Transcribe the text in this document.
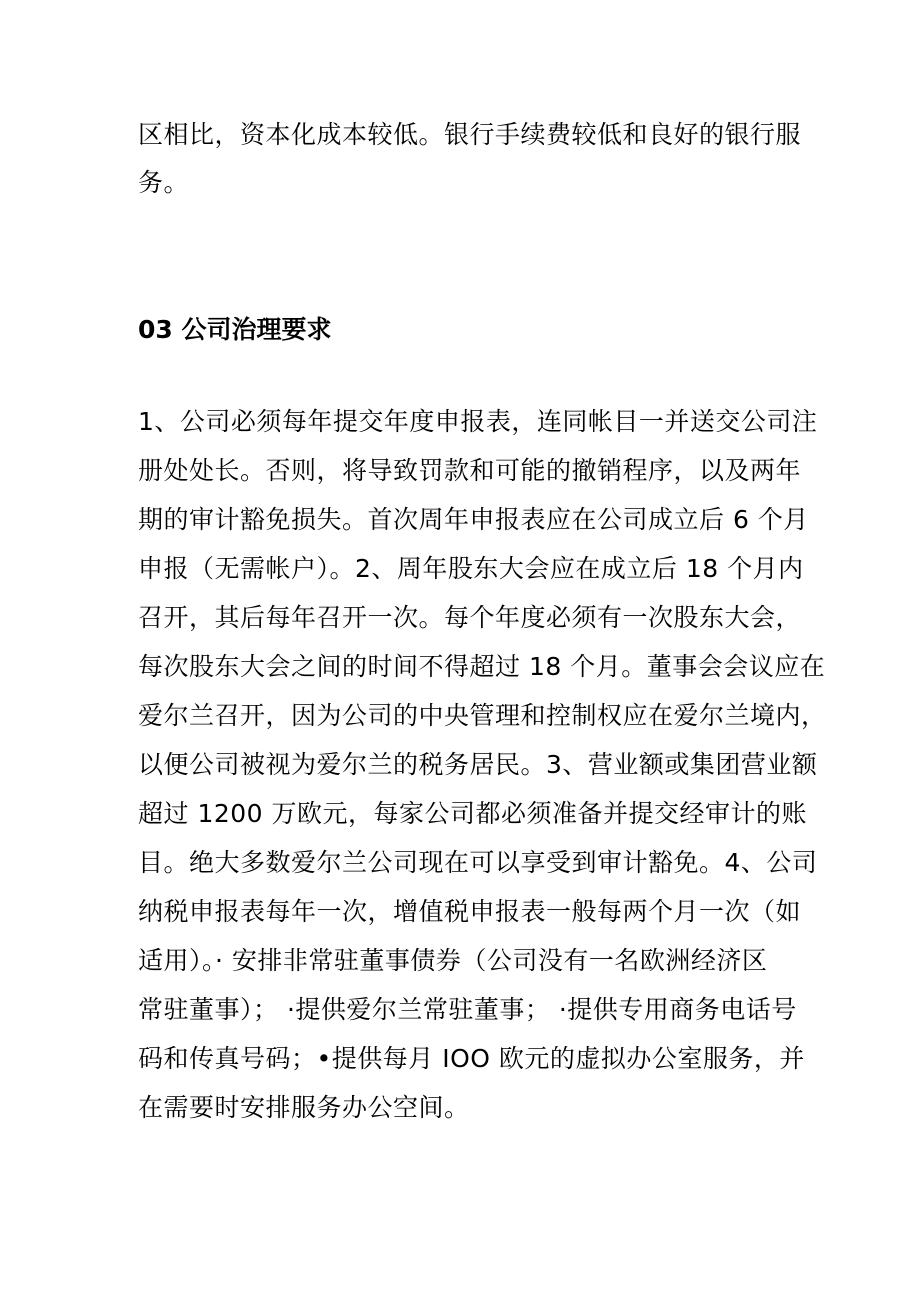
区相比，资本化成本较低。银行手续费较低和良好的银行服
务。
03 公司治理要求
1、公司必须每年提交年度申报表，连同帐目一并送交公司注
册处处长。否则，将导致罚款和可能的撤销程序，以及两年
期的审计豁免损失。首次周年申报表应在公司成立后 6 个月
申报（无需帐户）。2、周年股东大会应在成立后 18 个月内
召开，其后每年召开一次。每个年度必须有一次股东大会，
每次股东大会之间的时间不得超过 18 个月。董事会会议应在
爱尔兰召开，因为公司的中央管理和控制权应在爱尔兰境内，
以便公司被视为爱尔兰的税务居民。3、营业额或集团营业额
超过 1200 万欧元，每家公司都必须准备并提交经审计的账
目。绝大多数爱尔兰公司现在可以享受到审计豁免。4、公司
纳税申报表每年一次，增值税申报表一般每两个月一次（如
适用）。· 安排非常驻董事债券（公司没有一名欧洲经济区
常驻董事）； ·提供爱尔兰常驻董事； ·提供专用商务电话号
码和传真号码；•提供每月 IOO 欧元的虚拟办公室服务，并
在需要时安排服务办公空间。
